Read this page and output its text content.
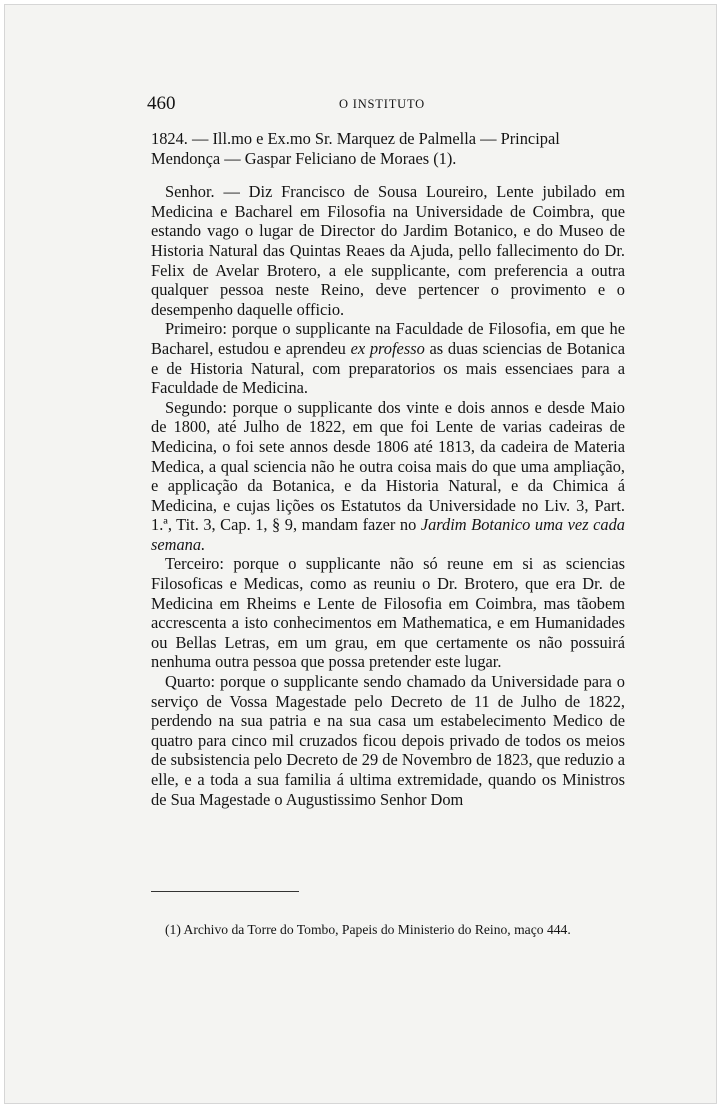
460	O INSTITUTO

1824. — Ill.mo e Ex.mo Sr. Marquez de Palmella — Principal

Mendonça — Gaspar Feliciano de Moraes (1).

Senhor. — Diz Francisco de Sousa Loureiro, Lente jubilado em Medicina e Bacharel em Filosofia na Universidade de Coimbra, que estando vago o lugar de Director do Jardim Botanico, e do Museo de Historia Natural das Quintas Reaes da Ajuda, pello fallecimento do Dr. Felix de Avelar Brotero, a ele supplicante, com preferencia a outra qualquer pessoa neste Reino, deve pertencer o provimento e o desempenho daquelle officio.

Primeiro: porque o supplicante na Faculdade de Filosofia, em que he Bacharel, estudou e aprendeu ex professo as duas sciencias de Botanica e de Historia Natural, com preparatorios os mais essenciaes para a Faculdade de Medicina.

Segundo: porque o supplicante dos vinte e dois annos e desde Maio de 1800, até Julho de 1822, em que foi Lente de varias cadeiras de Medicina, o foi sete annos desde 1806 até 1813, da cadeira de Materia Medica, a qual sciencia não he outra coisa mais do que uma ampliação, e applicação da Botanica, e da Historia Natural, e da Chimica á Medicina, e cujas lições os Estatutos da Universidade no Liv. 3, Part. 1.ª, Tit. 3, Cap. 1, § 9, mandam fazer no Jardim Botanico uma vez cada semana.

Terceiro: porque o supplicante não só reune em si as sciencias Filosoficas e Medicas, como as reuniu o Dr. Brotero, que era Dr. de Medicina em Rheims e Lente de Filosofia em Coimbra, mas tãobem accrescenta a isto conhecimentos em Mathematica, e em Humanidades ou Bellas Letras, em um grau, em que certamente os não possuirá nenhuma outra pessoa que possa pretender este lugar.

Quarto: porque o supplicante sendo chamado da Universidade para o serviço de Vossa Magestade pelo Decreto de 11 de Julho de 1822, perdendo na sua patria e na sua casa um estabelecimento Medico de quatro para cinco mil cruzados ficou depois privado de todos os meios de subsistencia pelo Decreto de 29 de Novembro de 1823, que reduzio a elle, e a toda a sua familia á ultima extremidade, quando os Ministros de Sua Magestade o Augustissimo Senhor Dom

(1) Archivo da Torre do Tombo, Papeis do Ministerio do Reino, maço 444.
